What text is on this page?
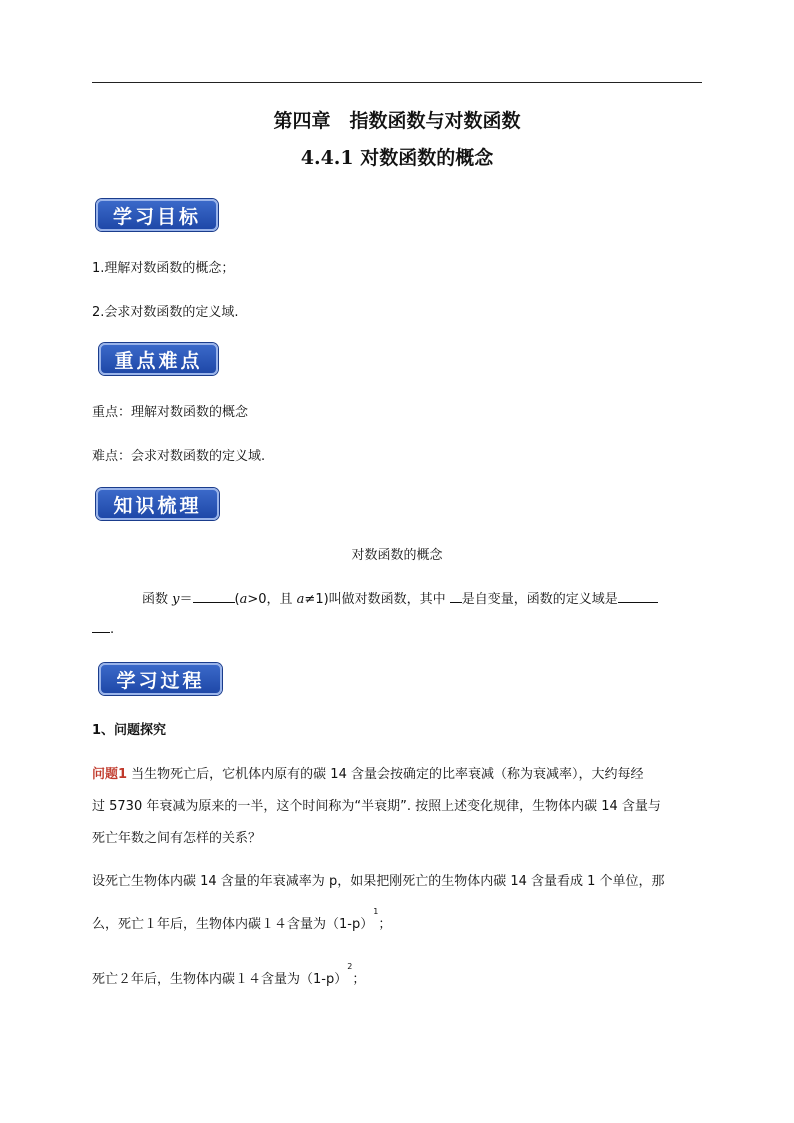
第四章　指数函数与对数函数
4.4.1 对数函数的概念
学习目标
1.理解对数函数的概念；
2.会求对数函数的定义域.
重点难点
重点：理解对数函数的概念
难点：会求对数函数的定义域.
知识梳理
对数函数的概念
函数 y＝	(a>0，且 a≠1)叫做对数函数，其中 是自变量，函数的定义域是
.
学习过程
1、问题探究
问题1 当生物死亡后，它机体内原有的碳 14 含量会按确定的比率衰减（称为衰减率），大约每经
过 5730 年衰减为原来的一半，这个时间称为“半衰期”. 按照上述变化规律，生物体内碳 14 含量与
死亡年数之间有怎样的关系？
设死亡生物体内碳 14 含量的年衰减率为 p，如果把刚死亡的生物体内碳 14 含量看成 1 个单位，那
么，死亡１年后，生物体内碳１４含量为$(1-p)^1$；
死亡２年后，生物体内碳１４含量为$(1-p)^2$；
